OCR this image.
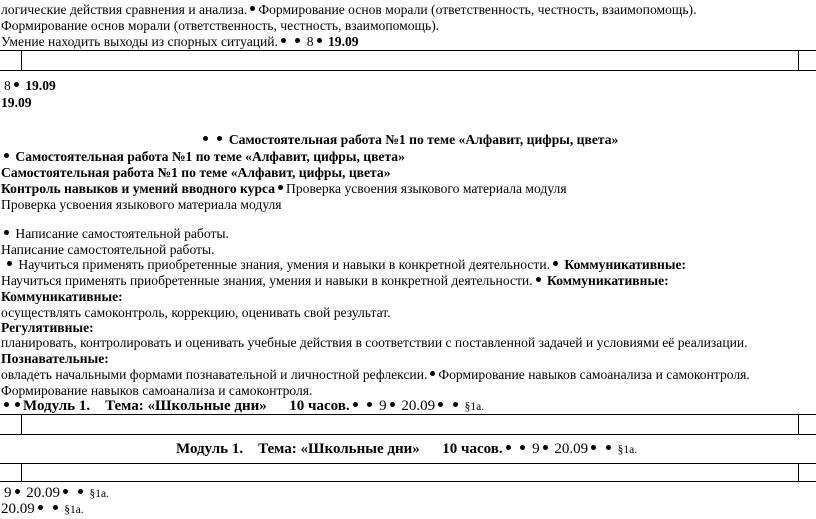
логические действия сравнения и анализа. Формирование основ морали (ответственность, честность, взаимопомощь).
Формирование основ морали (ответственность, честность, взаимопомощь).
Умение находить выходы из спорных ситуаций. 8 19.09
8 19.09
19.09
Самостоятельная работа №1 по теме «Алфавит, цифры, цвета»
Самостоятельная работа №1 по теме «Алфавит, цифры, цвета»
Самостоятельная работа №1 по теме «Алфавит, цифры, цвета»
Контроль навыков и умений вводного курса Проверка усвоения языкового материала модуля
Проверка усвоения языкового материала модуля
Написание самостоятельной работы.
Написание самостоятельной работы.
Научиться применять приобретенные знания, умения и навыки в конкретной деятельности. Коммуникативные:
Научиться применять приобретенные знания, умения и навыки в конкретной деятельности. Коммуникативные:
Коммуникативные:
осуществлять самоконтроль, коррекцию, оценивать свой результат.
Регулятивные:
планировать, контролировать и оценивать учебные действия в соответствии с поставленной задачей и условиями её реализации.
Познавательные:
овладеть начальными формами познавательной и личностной рефлексии. Формирование навыков самоанализа и самоконтроля.
Формирование навыков самоанализа и самоконтроля.
Модуль 1. Тема: «Школьные дни» 10 часов. 9 20.09	§1a.
Модуль 1. Тема: «Школьные дни» 10 часов. 9 20.09	§1a.
9 20.09	§1a.
20.09	§1a.
